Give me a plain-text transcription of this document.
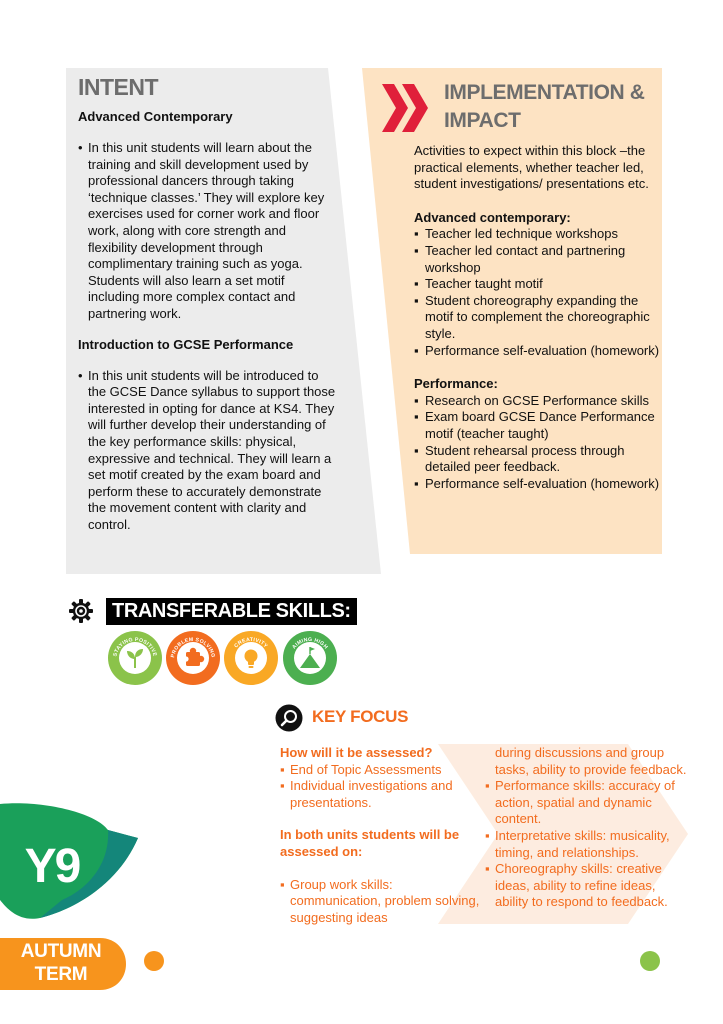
INTENT
Advanced Contemporary
• In this unit students will learn about the training and skill development used by professional dancers through taking ‘technique classes.’ They will explore key exercises used for corner work and floor work, along with core strength and flexibility development through complimentary training such as yoga. Students will also learn a set motif including more complex contact and partnering work.
Introduction to GCSE Performance
• In this unit students will be introduced to the GCSE Dance syllabus to support those interested in opting for dance at KS4. They will further develop their understanding of the key performance skills: physical, expressive and technical. They will learn a set motif created by the exam board and perform these to accurately demonstrate the movement content with clarity and control.
IMPLEMENTATION &
IMPACT
Activities to expect within this block –the practical elements, whether teacher led, student investigations/ presentations etc.
Advanced contemporary:
▪ Teacher led technique workshops
▪ Teacher led contact and partnering workshop
▪ Teacher taught motif
▪ Student choreography expanding the motif to complement the choreographic style.
▪ Performance self-evaluation (homework)
Performance:
▪ Research on GCSE Performance skills
▪ Exam board GCSE Dance Performance motif (teacher taught)
▪ Student rehearsal process through detailed peer feedback.
▪ Performance self-evaluation (homework)
TRANSFERABLE SKILLS:
STAYING POSITIVE PROBLEM SOLVING
CREATIVITY	AIMING HIGH
KEY FOCUS
How will it be assessed?
▪ End of Topic Assessments
▪ Individual investigations and presentations.
In both units students will be assessed on:
▪ Group work skills: communication, problem solving, suggesting ideas
during discussions and group tasks, ability to provide feedback.
▪ Performance skills: accuracy of action, spatial and dynamic content.
▪ Interpretative skills: musicality, timing, and relationships.
▪ Choreography skills: creative ideas, ability to refine ideas, ability to respond to feedback.
Y9
AUTUMN
TERM
